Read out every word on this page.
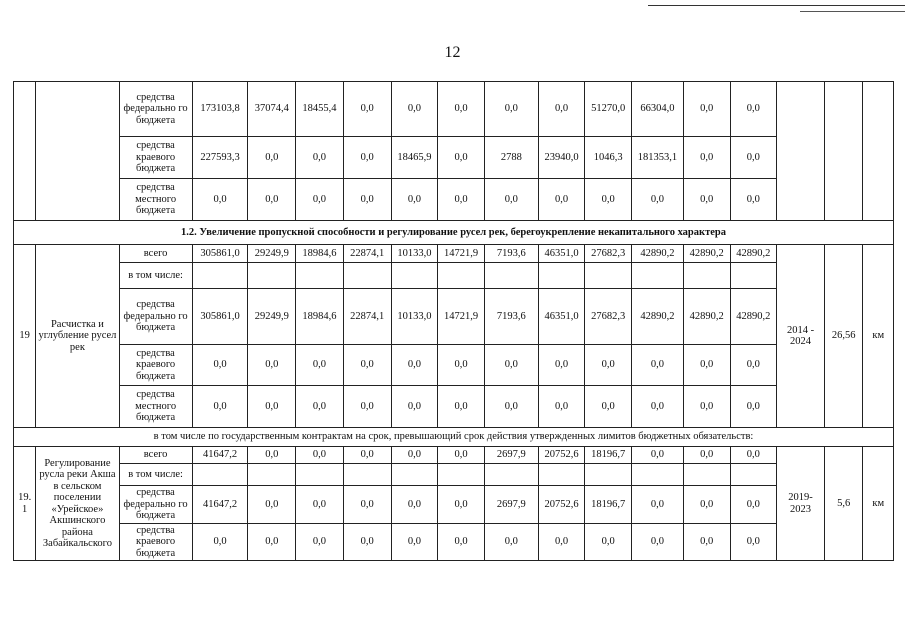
12
		средства федерально го бюджета	173103,8	37074,4	18455,4	0,0	0,0	0,0	0,0	0,0	51270,0	66304,0	0,0	0,0			
		средства краевого бюджета	227593,3	0,0	0,0	0,0	18465,9	0,0	2788	23940,0	1046,3	181353,1	0,0	0,0			
		средства местного бюджета	0,0	0,0	0,0	0,0	0,0	0,0	0,0	0,0	0,0	0,0	0,0	0,0			
1.2. Увеличение пропускной способности и регулирование русел рек, берегоукрепление некапитального характера																	
19	Расчистка и углубление русел рек	всего	305861,0	29249,9	18984,6	22874,1	10133,0	14721,9	7193,6	46351,0	27682,3	42890,2	42890,2	42890,2	2014 - 2024	26,56	км
		в том числе:															
		средства федерально го бюджета	305861,0	29249,9	18984,6	22874,1	10133,0	14721,9	7193,6	46351,0	27682,3	42890,2	42890,2	42890,2			
		средства краевого бюджета	0,0	0,0	0,0	0,0	0,0	0,0	0,0	0,0	0,0	0,0	0,0	0,0			
		средства местного бюджета	0,0	0,0	0,0	0,0	0,0	0,0	0,0	0,0	0,0	0,0	0,0	0,0			
в том числе по государственным контрактам на срок, превышающий срок действия утвержденных лимитов бюджетных обязательств:																	
19. 1	Регулирование русла реки Акша в сельском поселении «Урейское» Акшинского района Забайкальского	всего	41647,2	0,0	0,0	0,0	0,0	0,0	2697,9	20752,6	18196,7	0,0	0,0	0,0	2019- 2023	5,6	км
		в том числе:															
		средства федерально го бюджета	41647,2	0,0	0,0	0,0	0,0	0,0	2697,9	20752,6	18196,7	0,0	0,0	0,0			
		средства краевого бюджета	0,0	0,0	0,0	0,0	0,0	0,0	0,0	0,0	0,0	0,0	0,0	0,0			
